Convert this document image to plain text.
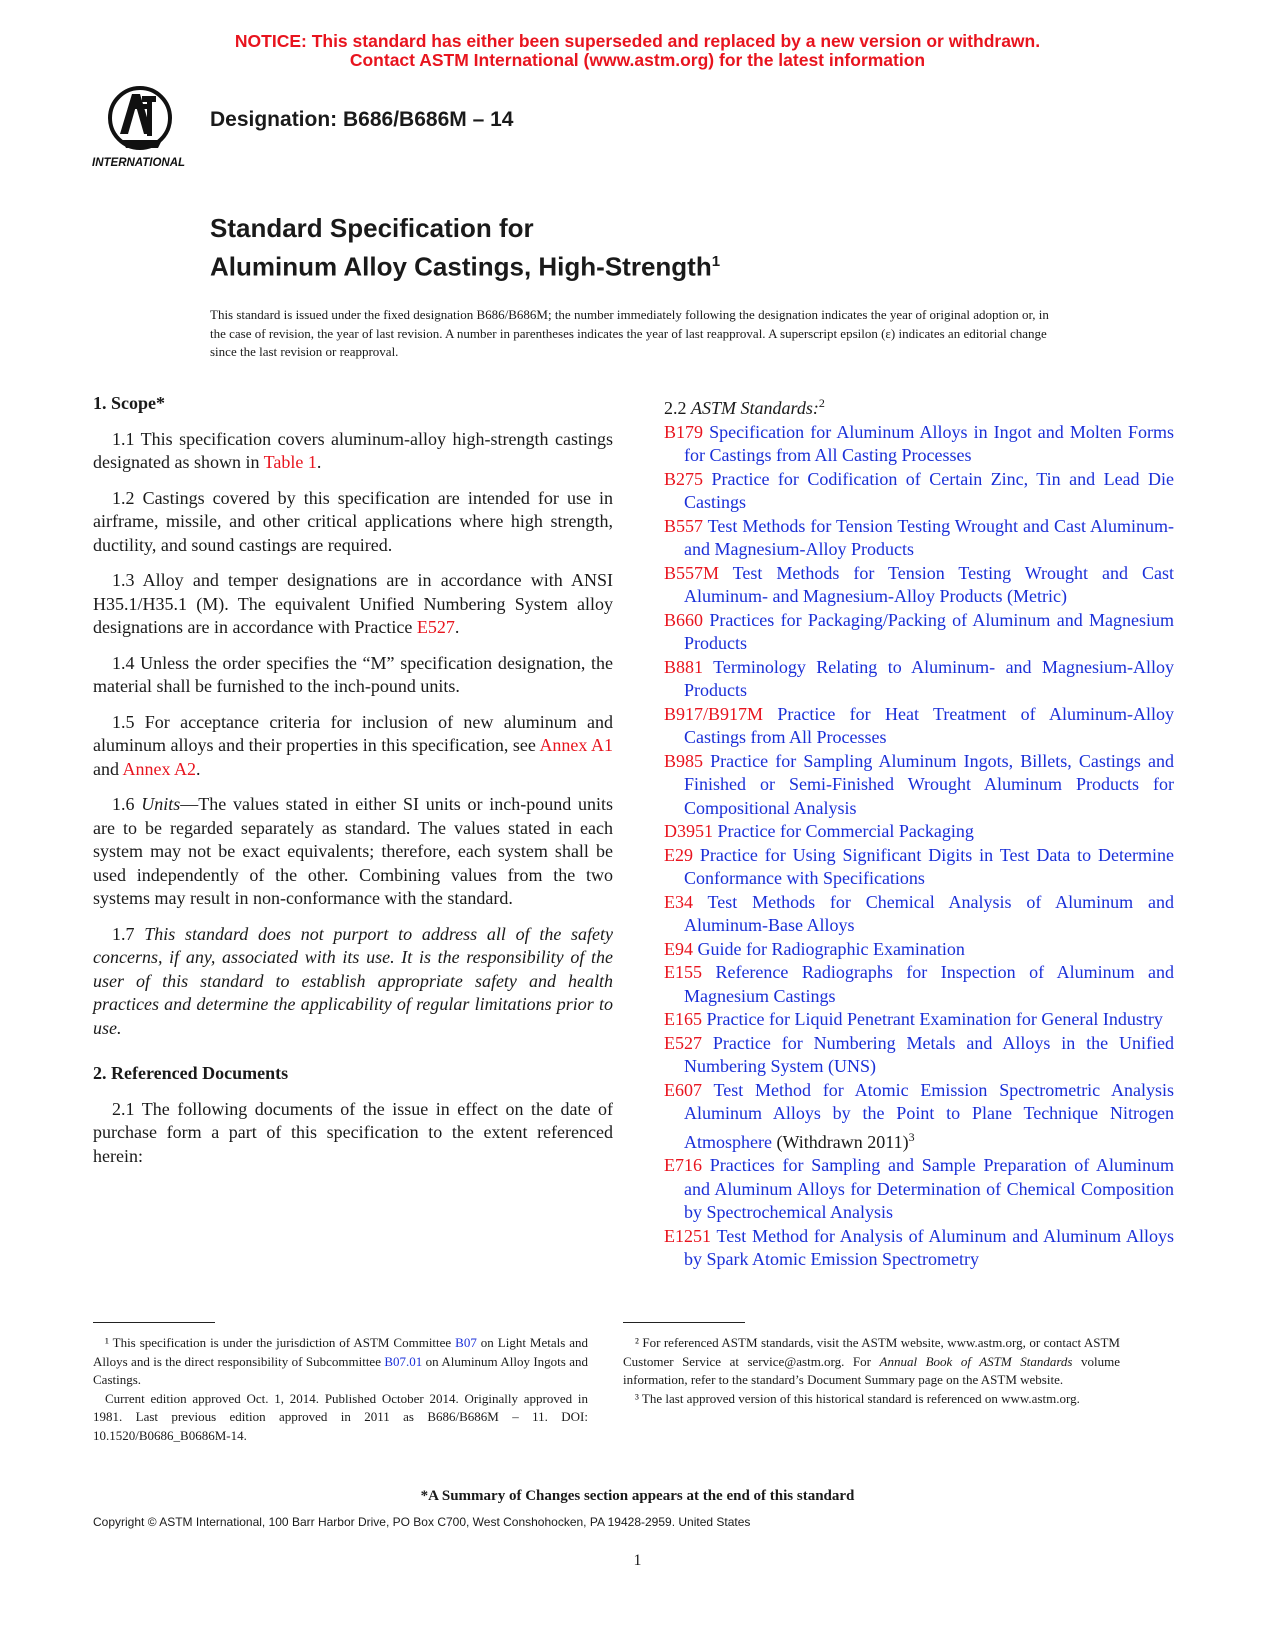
NOTICE: This standard has either been superseded and replaced by a new version or withdrawn.
Contact ASTM International (www.astm.org) for the latest information
INTERNATIONAL
Designation: B686/B686M – 14
Standard Specification for
Aluminum Alloy Castings, High-Strength$^1$
This standard is issued under the fixed designation B686/B686M; the number immediately following the designation indicates the year of original adoption or, in the case of revision, the year of last revision. A number in parentheses indicates the year of last reapproval. A superscript epsilon (ε) indicates an editorial change since the last revision or reapproval.
1. Scope*

1.1 This specification covers aluminum-alloy high-strength castings designated as shown in Table 1.

1.2 Castings covered by this specification are intended for use in airframe, missile, and other critical applications where high strength, ductility, and sound castings are required.

1.3 Alloy and temper designations are in accordance with ANSI H35.1/H35.1 (M). The equivalent Unified Numbering System alloy designations are in accordance with Practice E527.

1.4 Unless the order specifies the “M” specification designation, the material shall be furnished to the inch-pound units.

1.5 For acceptance criteria for inclusion of new aluminum and aluminum alloys and their properties in this specification, see Annex A1 and Annex A2.

1.6 Units—The values stated in either SI units or inch-pound units are to be regarded separately as standard. The values stated in each system may not be exact equivalents; therefore, each system shall be used independently of the other. Combining values from the two systems may result in non-conformance with the standard.

1.7 This standard does not purport to address all of the safety concerns, if any, associated with its use. It is the responsibility of the user of this standard to establish appropriate safety and health practices and determine the applicability of regular limitations prior to use.

2. Referenced Documents

2.1 The following documents of the issue in effect on the date of purchase form a part of this specification to the extent referenced herein:

2.2 ASTM Standards:$^2$

B179 Specification for Aluminum Alloys in Ingot and Molten Forms for Castings from All Casting Processes

B275 Practice for Codification of Certain Zinc, Tin and Lead Die Castings

B557 Test Methods for Tension Testing Wrought and Cast Aluminum- and Magnesium-Alloy Products

B557M Test Methods for Tension Testing Wrought and Cast Aluminum- and Magnesium-Alloy Products (Metric)

B660 Practices for Packaging/Packing of Aluminum and Magnesium Products

B881 Terminology Relating to Aluminum- and Magnesium-Alloy Products

B917/B917M Practice for Heat Treatment of Aluminum-Alloy Castings from All Processes

B985 Practice for Sampling Aluminum Ingots, Billets, Castings and Finished or Semi-Finished Wrought Aluminum Products for Compositional Analysis

D3951 Practice for Commercial Packaging

E29 Practice for Using Significant Digits in Test Data to Determine Conformance with Specifications

E34 Test Methods for Chemical Analysis of Aluminum and Aluminum-Base Alloys

E94 Guide for Radiographic Examination

E155 Reference Radiographs for Inspection of Aluminum and Magnesium Castings

E165 Practice for Liquid Penetrant Examination for General Industry

E527 Practice for Numbering Metals and Alloys in the Unified Numbering System (UNS)

E607 Test Method for Atomic Emission Spectrometric Analysis Aluminum Alloys by the Point to Plane Technique Nitrogen Atmosphere (Withdrawn 2011)$^3$

E716 Practices for Sampling and Sample Preparation of Aluminum and Aluminum Alloys for Determination of Chemical Composition by Spectrochemical Analysis

E1251 Test Method for Analysis of Aluminum and Aluminum Alloys by Spark Atomic Emission Spectrometry

¹ This specification is under the jurisdiction of ASTM Committee B07 on Light Metals and Alloys and is the direct responsibility of Subcommittee B07.01 on Aluminum Alloy Ingots and Castings.

Current edition approved Oct. 1, 2014. Published October 2014. Originally approved in 1981. Last previous edition approved in 2011 as B686/B686M – 11. DOI: 10.1520/B0686_B0686M-14.

² For referenced ASTM standards, visit the ASTM website, www.astm.org, or contact ASTM Customer Service at service@astm.org. For Annual Book of ASTM Standards volume information, refer to the standard’s Document Summary page on the ASTM website.

³ The last approved version of this historical standard is referenced on www.astm.org.

*A Summary of Changes section appears at the end of this standard
Copyright © ASTM International, 100 Barr Harbor Drive, PO Box C700, West Conshohocken, PA 19428-2959. United States
1
